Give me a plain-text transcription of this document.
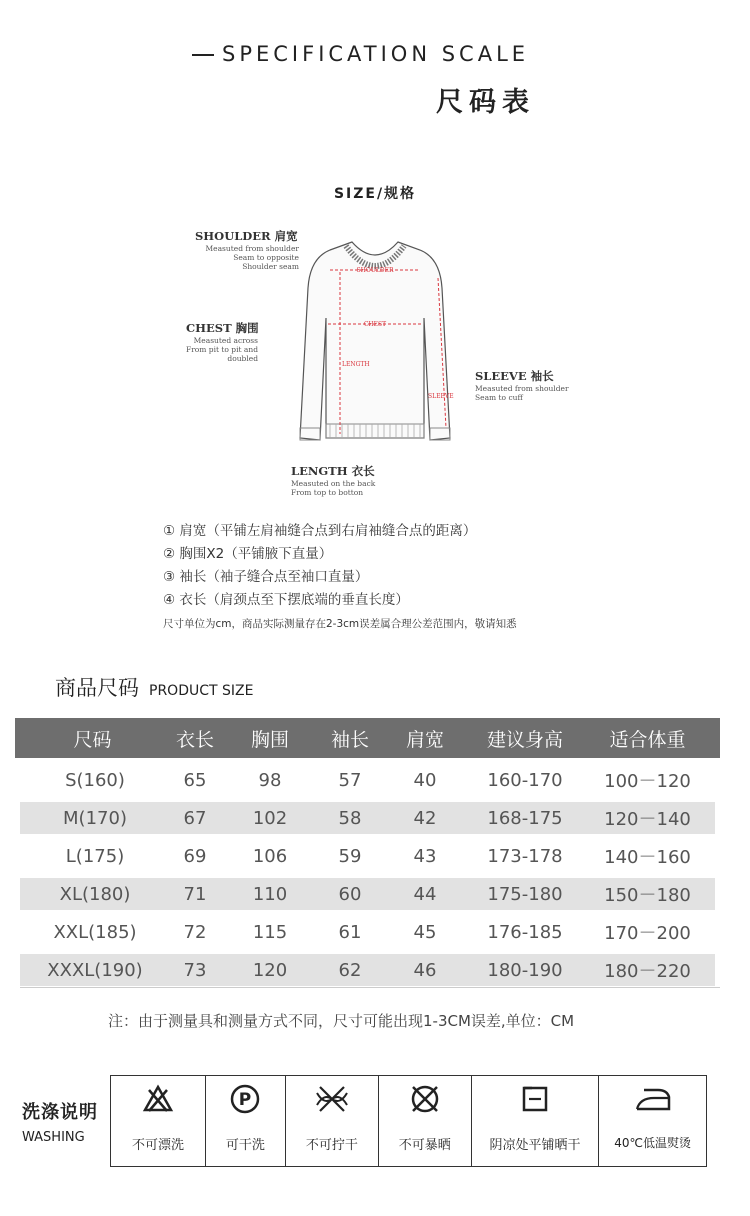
SPECIFICATION SCALE
尺码表
SIZE/规格
SHOULDER
CHEST
LENGTH
SLEEVE
SHOULDER 肩宽
Measuted from shoulder
Seam to opposite
Shoulder seam
CHEST 胸围
Measuted across
From pit to pit and doubled
SLEEVE 袖长
Measuted from shoulder
Seam to cuff
LENGTH 衣长
Measuted on the back
From top to botton
① 肩宽（平铺左肩袖缝合点到右肩袖缝合点的距离）
② 胸围X2（平铺腋下直量）
③ 袖长（袖子缝合点至袖口直量）
④ 衣长（肩颈点至下摆底端的垂直长度）
尺寸单位为cm，商品实际测量存在2-3cm误差属合理公差范围内，敬请知悉
商品尺码 PRODUCT SIZE
尺码	衣长	胸围	袖长	肩宽	建议身高	适合体重
S(160)	65	98	57	40	160-170	100－120
M(170)	67	102	58	42	168-175	120－140
L(175)	69	106	59	43	173-178	140－160
XL(180)	71	110	60	44	175-180	150－180
XXL(185)	72	115	61	45	176-185	170－200
XXXL(190)	73	120	62	46	180-190	180－220
注：由于测量具和测量方式不同，尺寸可能出现1-3CM误差,单位：CM
洗涤说明
WASHING
不可漂洗
P
可干洗	不可拧干	不可暴晒	阴凉处平铺晒干	40℃低温熨烫
